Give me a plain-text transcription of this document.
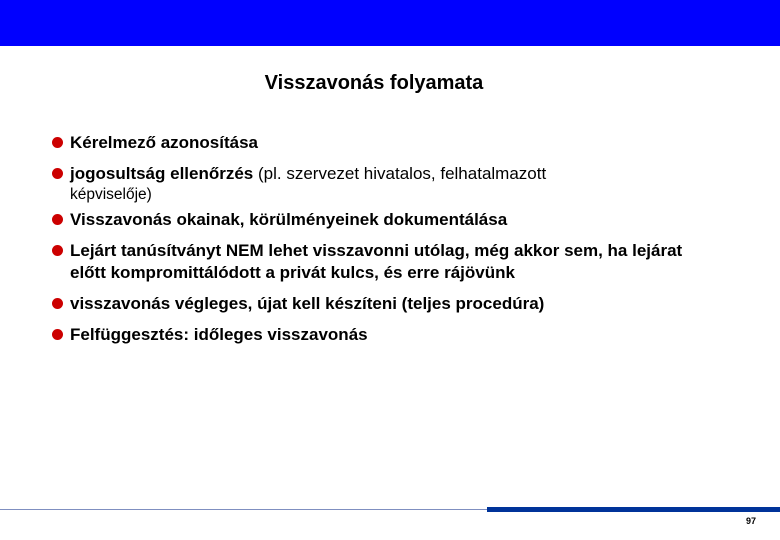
Visszavonás folyamata
Kérelmező azonosítása
jogosultság ellenőrzés (pl. szervezet hivatalos, felhatalmazott
képviselője)
Visszavonás okainak, körülményeinek dokumentálása
Lejárt tanúsítványt NEM lehet visszavonni utólag, még akkor sem, ha lejárat előtt kompromittálódott a privát kulcs, és erre rájövünk
visszavonás végleges, újat kell készíteni (teljes procedúra)
Felfüggesztés: időleges visszavonás
97
